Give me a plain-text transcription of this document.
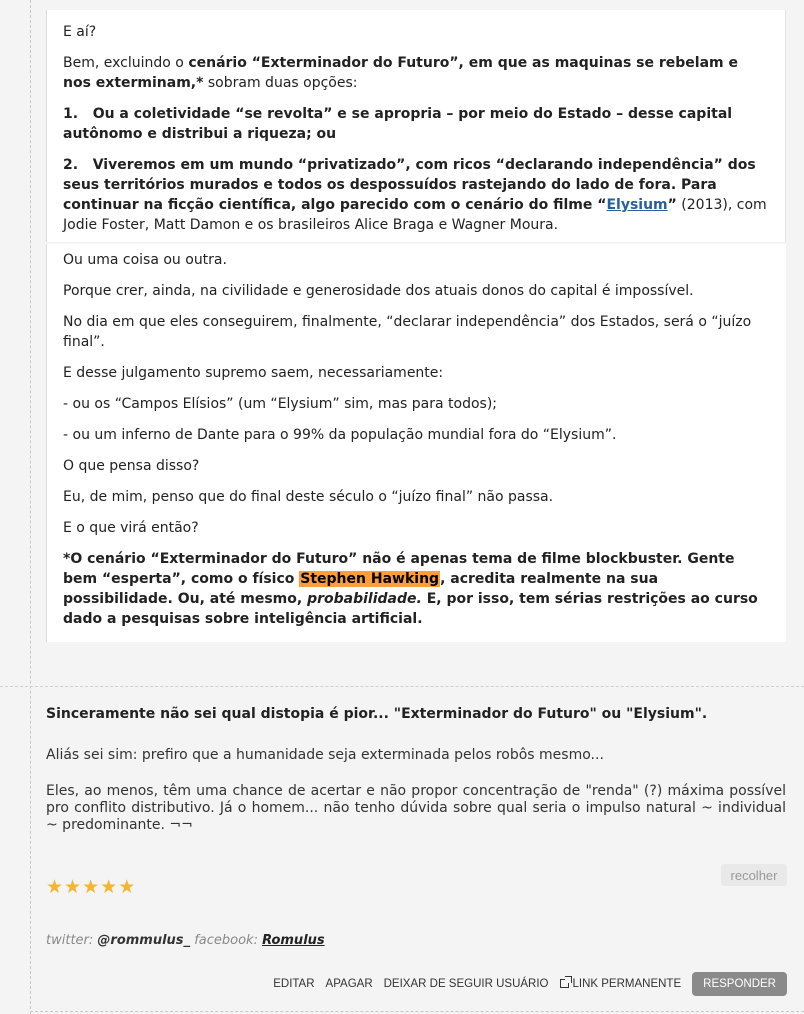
E aí?

Bem, excluindo o cenário “Exterminador do Futuro”, em que as maquinas se rebelam e nos exterminam,* sobram duas opções:

1. Ou a coletividade “se revolta” e se apropria – por meio do Estado – desse capital autônomo e distribui a riqueza; ou

2. Viveremos em um mundo “privatizado”, com ricos “declarando independência” dos seus territórios murados e todos os despossuídos rastejando do lado de fora. Para continuar na ficção científica, algo parecido com o cenário do filme “Elysium” (2013), com Jodie Foster, Matt Damon e os brasileiros Alice Braga e Wagner Moura.

Ou uma coisa ou outra.

Porque crer, ainda, na civilidade e generosidade dos atuais donos do capital é impossível.

No dia em que eles conseguirem, finalmente, “declarar independência” dos Estados, será o “juízo final”.

E desse julgamento supremo saem, necessariamente:

- ou os “Campos Elísios” (um “Elysium” sim, mas para todos);

- ou um inferno de Dante para o 99% da população mundial fora do “Elysium”.

O que pensa disso?

Eu, de mim, penso que do final deste século o “juízo final” não passa.

E o que virá então?

*O cenário “Exterminador do Futuro” não é apenas tema de filme blockbuster. Gente bem “esperta”, como o físico Stephen Hawking, acredita realmente na sua possibilidade. Ou, até mesmo, probabilidade. E, por isso, tem sérias restrições ao curso dado a pesquisas sobre inteligência artificial.

Sinceramente não sei qual distopia é pior... "Exterminador do Futuro" ou "Elysium".

Aliás sei sim: prefiro que a humanidade seja exterminada pelos robôs mesmo...

Eles, ao menos, têm uma chance de acertar e não propor concentração de "renda" (?) máxima possível pro conflito distributivo. Já o homem... não tenho dúvida sobre qual seria o impulso natural ~ individual ~ predominante. ¬¬

recolher
★ ★ ★ ★ ★
twitter: @rommulus_ facebook: Romulus
EDITAR APAGAR DEIXAR DE SEGUIR USUÁRIO	LINK PERMANENTE	RESPONDER
